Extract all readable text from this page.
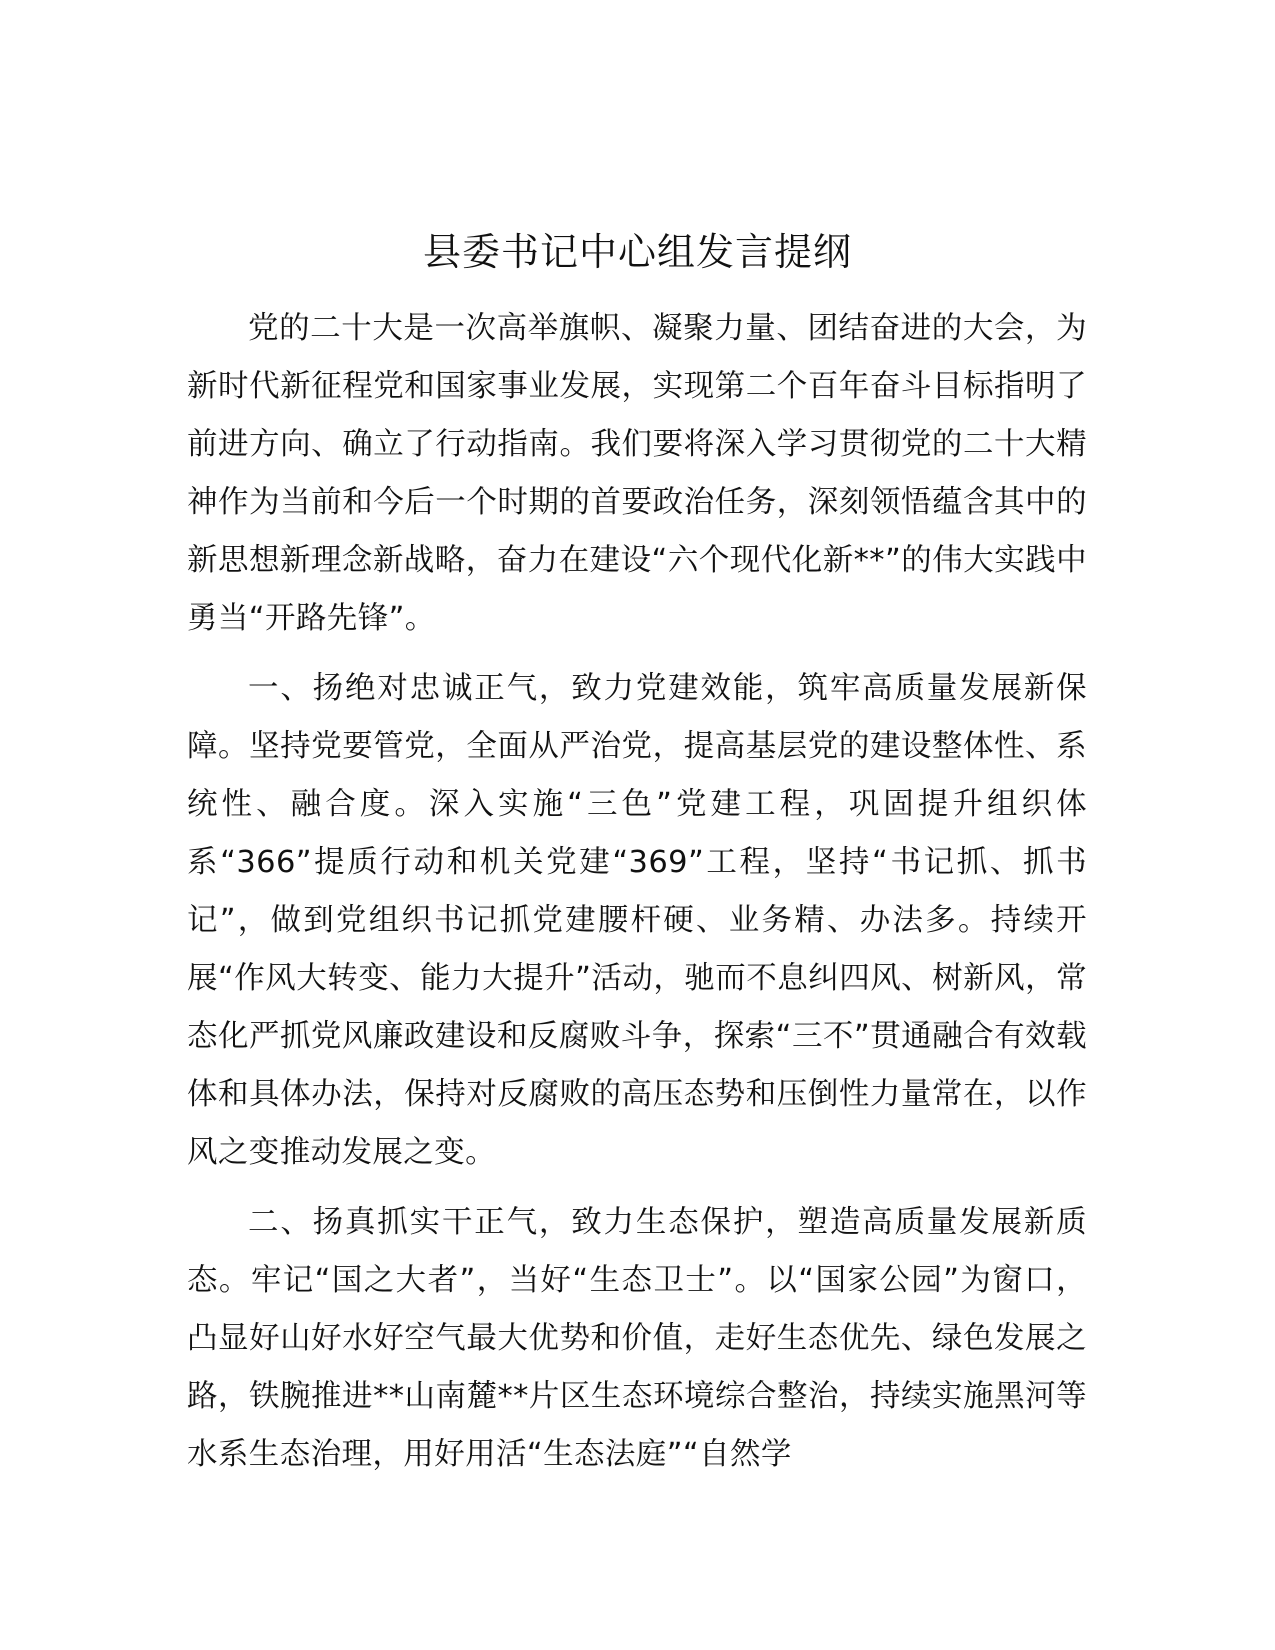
县委书记中心组发言提纲

党的二十大是一次高举旗帜、凝聚力量、团结奋进的大会，为新时代新征程党和国家事业发展，实现第二个百年奋斗目标指明了前进方向、确立了行动指南。我们要将深入学习贯彻党的二十大精神作为当前和今后一个时期的首要政治任务，深刻领悟蕴含其中的新思想新理念新战略，奋力在建设“六个现代化新**”的伟大实践中勇当“开路先锋”。

一、扬绝对忠诚正气，致力党建效能，筑牢高质量发展新保障。坚持党要管党，全面从严治党，提高基层党的建设整体性、系统性、融合度。深入实施“三色”党建工程，巩固提升组织体系“366”提质行动和机关党建“369”工程，坚持“书记抓、抓书记”，做到党组织书记抓党建腰杆硬、业务精、办法多。持续开展“作风大转变、能力大提升”活动，驰而不息纠四风、树新风，常态化严抓党风廉政建设和反腐败斗争，探索“三不”贯通融合有效载体和具体办法，保持对反腐败的高压态势和压倒性力量常在，以作风之变推动发展之变。

二、扬真抓实干正气，致力生态保护，塑造高质量发展新质态。牢记“国之大者”，当好“生态卫士”。以“国家公园”为窗口，凸显好山好水好空气最大优势和价值，走好生态优先、绿色发展之路，铁腕推进**山南麓**片区生态环境综合整治，持续实施黑河等水系生态治理，用好用活“生态法庭”“自然学
